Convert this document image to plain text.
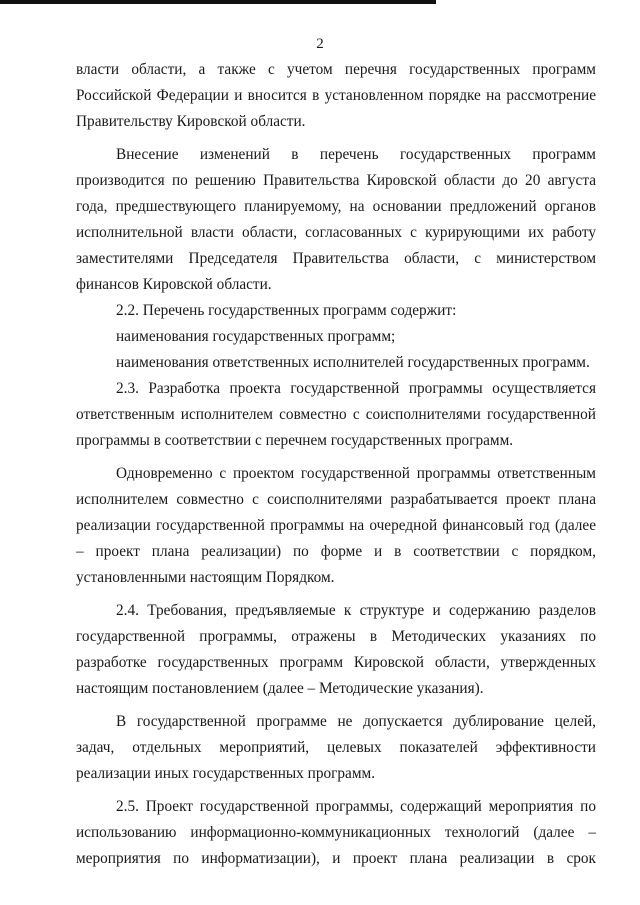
2

власти области, а также с учетом перечня государственных программ Российской Федерации и вносится в установленном порядке на рассмотрение Правительству Кировской области.

Внесение изменений в перечень государственных программ производится по решению Правительства Кировской области до 20 августа года, предшествующего планируемому, на основании предложений органов исполнительной власти области, согласованных с курирующими их работу заместителями Председателя Правительства области, с министерством финансов Кировской области.

2.2. Перечень государственных программ содержит:

наименования государственных программ;

наименования ответственных исполнителей государственных программ.

2.3. Разработка проекта государственной программы осуществляется ответственным исполнителем совместно с соисполнителями государственной программы в соответствии с перечнем государственных программ.

Одновременно с проектом государственной программы ответственным исполнителем совместно с соисполнителями разрабатывается проект плана реализации государственной программы на очередной финансовый год (далее – проект плана реализации) по форме и в соответствии с порядком, установленными настоящим Порядком.

2.4. Требования, предъявляемые к структуре и содержанию разделов государственной программы, отражены в Методических указаниях по разработке государственных программ Кировской области, утвержденных настоящим постановлением (далее – Методические указания).

В государственной программе не допускается дублирование целей, задач, отдельных мероприятий, целевых показателей эффективности реализации иных государственных программ.

2.5. Проект государственной программы, содержащий мероприятия по использованию информационно-коммуникационных технологий (далее – мероприятия по информатизации), и проект плана реализации в срок
